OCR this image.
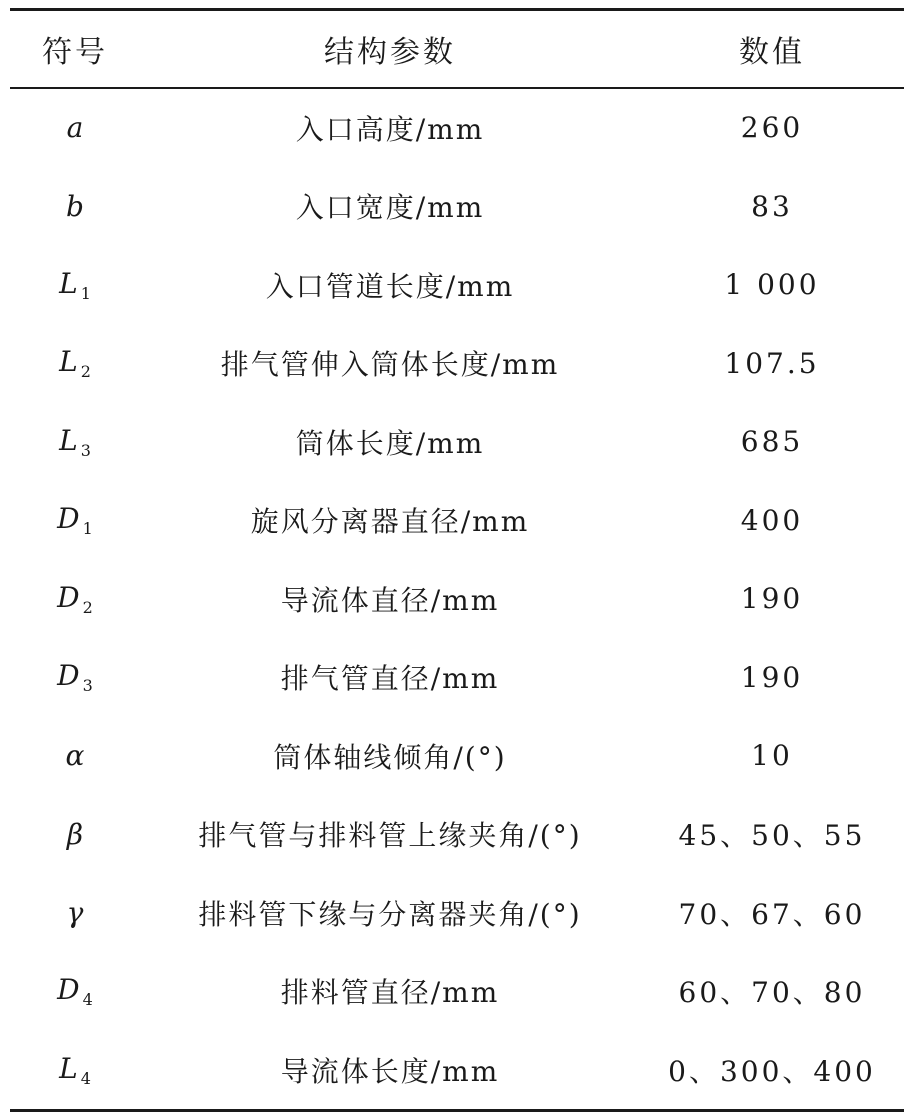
符号	结构参数	数值
a	入口高度/mm	260
b	入口宽度/mm	83
L $_1$	入口管道长度/mm	1 000
L $_2$	排气管伸入筒体长度/mm	107.5
L $_3$	筒体长度/mm	685
D $_1$	旋风分离器直径/mm	400
D $_2$	导流体直径/mm	190
D $_3$	排气管直径/mm	190
α	筒体轴线倾角/(°)	10
β	排气管与排料管上缘夹角/(°)	45、50、55
γ	排料管下缘与分离器夹角/(°)	70、67、60
D $_4$	排料管直径/mm	60、70、80
L $_4$	导流体长度/mm	0、300、400
